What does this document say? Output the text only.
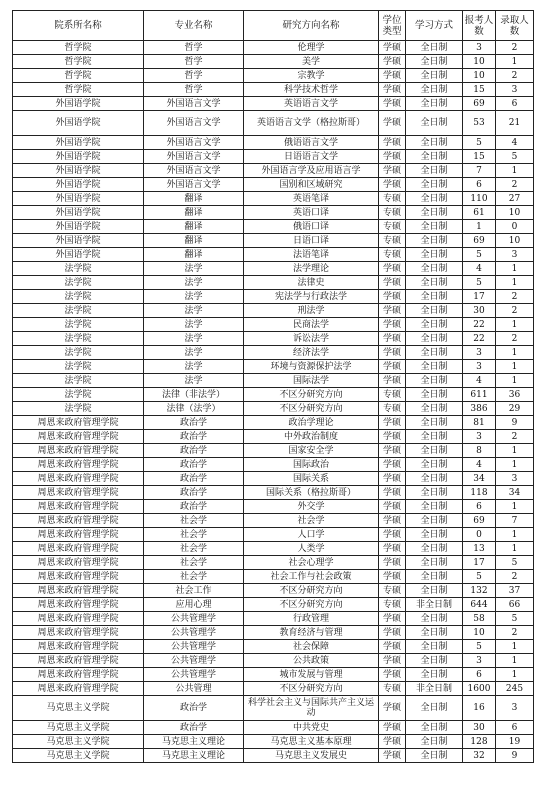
院系所名称	专业名称	研究方向名称	学位类型	学习方式	报考人数	录取人数
哲学院	哲学	伦理学	学硕	全日制	3	2
哲学院	哲学	美学	学硕	全日制	10	1
哲学院	哲学	宗教学	学硕	全日制	10	2
哲学院	哲学	科学技术哲学	学硕	全日制	15	3
外国语学院	外国语言文学	英语语言文学	学硕	全日制	69	6
外国语学院	外国语言文学	英语语言文学（格拉斯哥）	学硕	全日制	53	21
外国语学院	外国语言文学	俄语语言文学	学硕	全日制	5	4
外国语学院	外国语言文学	日语语言文学	学硕	全日制	15	5
外国语学院	外国语言文学	外国语言学及应用语言学	学硕	全日制	7	1
外国语学院	外国语言文学	国别和区域研究	学硕	全日制	6	2
外国语学院	翻译	英语笔译	专硕	全日制	110	27
外国语学院	翻译	英语口译	专硕	全日制	61	10
外国语学院	翻译	俄语口译	专硕	全日制	1	0
外国语学院	翻译	日语口译	专硕	全日制	69	10
外国语学院	翻译	法语笔译	专硕	全日制	5	3
法学院	法学	法学理论	学硕	全日制	4	1
法学院	法学	法律史	学硕	全日制	5	1
法学院	法学	宪法学与行政法学	学硕	全日制	17	2
法学院	法学	刑法学	学硕	全日制	30	2
法学院	法学	民商法学	学硕	全日制	22	1
法学院	法学	诉讼法学	学硕	全日制	22	2
法学院	法学	经济法学	学硕	全日制	3	1
法学院	法学	环境与资源保护法学	学硕	全日制	3	1
法学院	法学	国际法学	学硕	全日制	4	1
法学院	法律（非法学）	不区分研究方向	专硕	全日制	611	36
法学院	法律（法学）	不区分研究方向	专硕	全日制	386	29
周恩来政府管理学院	政治学	政治学理论	学硕	全日制	81	9
周恩来政府管理学院	政治学	中外政治制度	学硕	全日制	3	2
周恩来政府管理学院	政治学	国家安全学	学硕	全日制	8	1
周恩来政府管理学院	政治学	国际政治	学硕	全日制	4	1
周恩来政府管理学院	政治学	国际关系	学硕	全日制	34	3
周恩来政府管理学院	政治学	国际关系（格拉斯哥）	学硕	全日制	118	34
周恩来政府管理学院	政治学	外交学	学硕	全日制	6	1
周恩来政府管理学院	社会学	社会学	学硕	全日制	69	7
周恩来政府管理学院	社会学	人口学	学硕	全日制	0	1
周恩来政府管理学院	社会学	人类学	学硕	全日制	13	1
周恩来政府管理学院	社会学	社会心理学	学硕	全日制	17	5
周恩来政府管理学院	社会学	社会工作与社会政策	学硕	全日制	5	2
周恩来政府管理学院	社会工作	不区分研究方向	专硕	全日制	132	37
周恩来政府管理学院	应用心理	不区分研究方向	专硕	非全日制	644	66
周恩来政府管理学院	公共管理学	行政管理	学硕	全日制	58	5
周恩来政府管理学院	公共管理学	教育经济与管理	学硕	全日制	10	2
周恩来政府管理学院	公共管理学	社会保障	学硕	全日制	5	1
周恩来政府管理学院	公共管理学	公共政策	学硕	全日制	3	1
周恩来政府管理学院	公共管理学	城市发展与管理	学硕	全日制	6	1
周恩来政府管理学院	公共管理	不区分研究方向	专硕	非全日制	1600	245
马克思主义学院	政治学	科学社会主义与国际共产主义运动	学硕	全日制	16	3
马克思主义学院	政治学	中共党史	学硕	全日制	30	6
马克思主义学院	马克思主义理论	马克思主义基本原理	学硕	全日制	128	19
马克思主义学院	马克思主义理论	马克思主义发展史	学硕	全日制	32	9
